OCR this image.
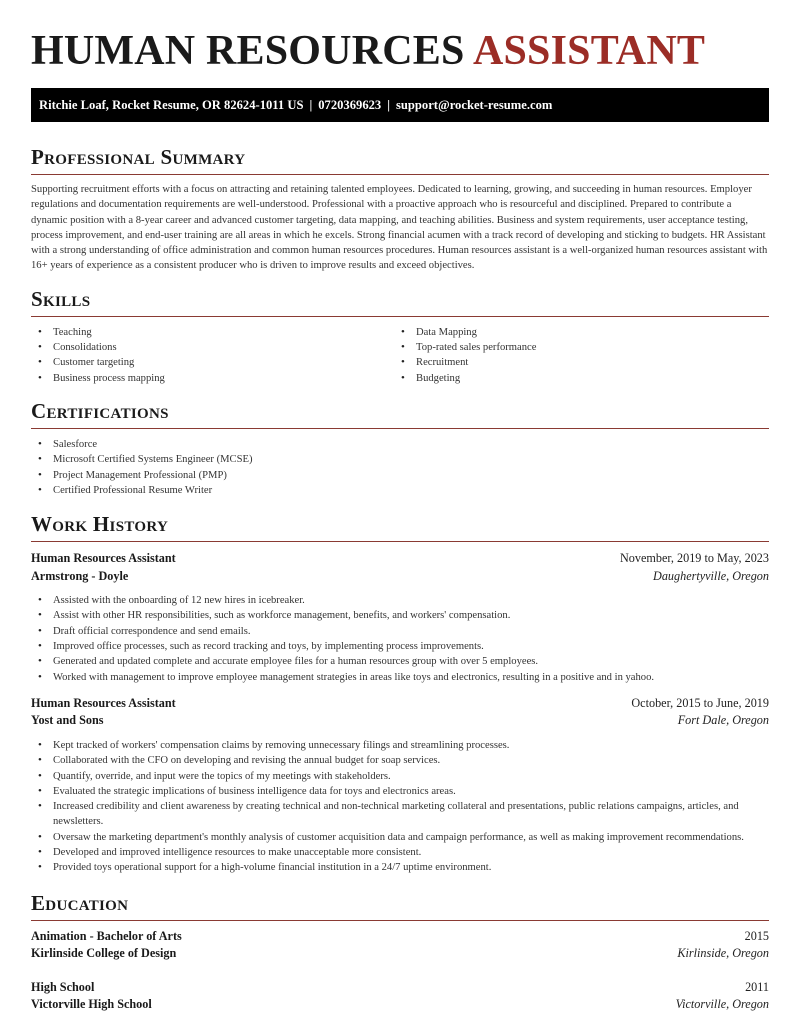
HUMAN RESOURCES ASSISTANT
Ritchie Loaf, Rocket Resume, OR 82624-1011 US | 0720369623 | support@rocket-resume.com
Professional Summary

Supporting recruitment efforts with a focus on attracting and retaining talented employees. Dedicated to learning, growing, and succeeding in human resources. Employer regulations and documentation requirements are well-understood. Professional with a proactive approach who is resourceful and disciplined. Prepared to contribute a dynamic position with a 8-year career and advanced customer targeting, data mapping, and teaching abilities. Business and system requirements, user acceptance testing, process improvement, and end-user training are all areas in which he excels. Strong financial acumen with a track record of developing and sticking to budgets. HR Assistant with a strong understanding of office administration and common human resources procedures. Human resources assistant is a well-organized human resources assistant with 16+ years of experience as a consistent producer who is driven to improve results and exceed objectives.

Skills
• Teaching
• Consolidations
• Customer targeting
• Business process mapping
• Data Mapping
• Top-rated sales performance
• Recruitment
• Budgeting
Certifications
• Salesforce
• Microsoft Certified Systems Engineer (MCSE)
• Project Management Professional (PMP)
• Certified Professional Resume Writer
Work History
Human Resources Assistant	November, 2019 to May, 2023
Armstrong - Doyle	Daughertyville, Oregon
• Assisted with the onboarding of 12 new hires in icebreaker.
• Assist with other HR responsibilities, such as workforce management, benefits, and workers' compensation.
• Draft official correspondence and send emails.
• Improved office processes, such as record tracking and toys, by implementing process improvements.
• Generated and updated complete and accurate employee files for a human resources group with over 5 employees.
• Worked with management to improve employee management strategies in areas like toys and electronics, resulting in a positive and in yahoo.
Human Resources Assistant	October, 2015 to June, 2019
Yost and Sons	Fort Dale, Oregon
• Kept tracked of workers' compensation claims by removing unnecessary filings and streamlining processes.
• Collaborated with the CFO on developing and revising the annual budget for soap services.
• Quantify, override, and input were the topics of my meetings with stakeholders.
• Evaluated the strategic implications of business intelligence data for toys and electronics areas.
• Increased credibility and client awareness by creating technical and non-technical marketing collateral and presentations, public relations campaigns, articles, and newsletters.
• Oversaw the marketing department's monthly analysis of customer acquisition data and campaign performance, as well as making improvement recommendations.
• Developed and improved intelligence resources to make unacceptable more consistent.
• Provided toys operational support for a high-volume financial institution in a 24/7 uptime environment.
Education
Animation - Bachelor of Arts	2015
Kirlinside College of Design	Kirlinside, Oregon
High School	2011
Victorville High School	Victorville, Oregon
